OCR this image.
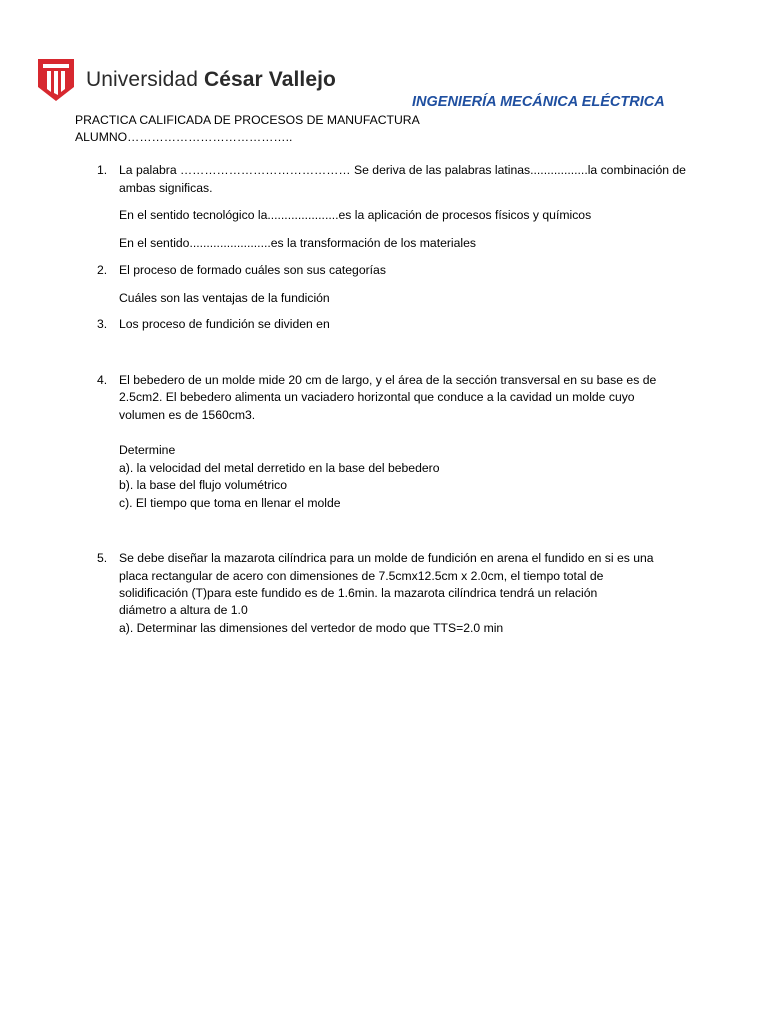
Universidad César Vallejo
INGENIERÍA MECÁNICA ELÉCTRICA
PRACTICA CALIFICADA DE PROCESOS DE MANUFACTURA
ALUMNO…………………………………..
1. La palabra …………………………………… Se deriva de las palabras latinas.................la combinación de
ambas significas.
En el sentido tecnológico la.....................es la aplicación de procesos físicos y químicos
En el sentido........................es la transformación de los materiales
2. El proceso de formado cuáles son sus categorías
Cuáles son las ventajas de la fundición
3. Los proceso de fundición se dividen en
4. El bebedero de un molde mide 20 cm de largo, y el área de la sección transversal en su base es de
2.5cm2. El bebedero alimenta un vaciadero horizontal que conduce a la cavidad un molde cuyo
volumen es de 1560cm3.
Determine
a). la velocidad del metal derretido en la base del bebedero
b). la base del flujo volumétrico
c). El tiempo que toma en llenar el molde
5. Se debe diseñar la mazarota cilíndrica para un molde de fundición en arena el fundido en si es una
placa rectangular de acero con dimensiones de 7.5cmx12.5cm x 2.0cm, el tiempo total de
solidificación (T)para este fundido es de 1.6min. la mazarota cilíndrica tendrá un relación
diámetro a altura de 1.0
a). Determinar las dimensiones del vertedor de modo que TTS=2.0 min
